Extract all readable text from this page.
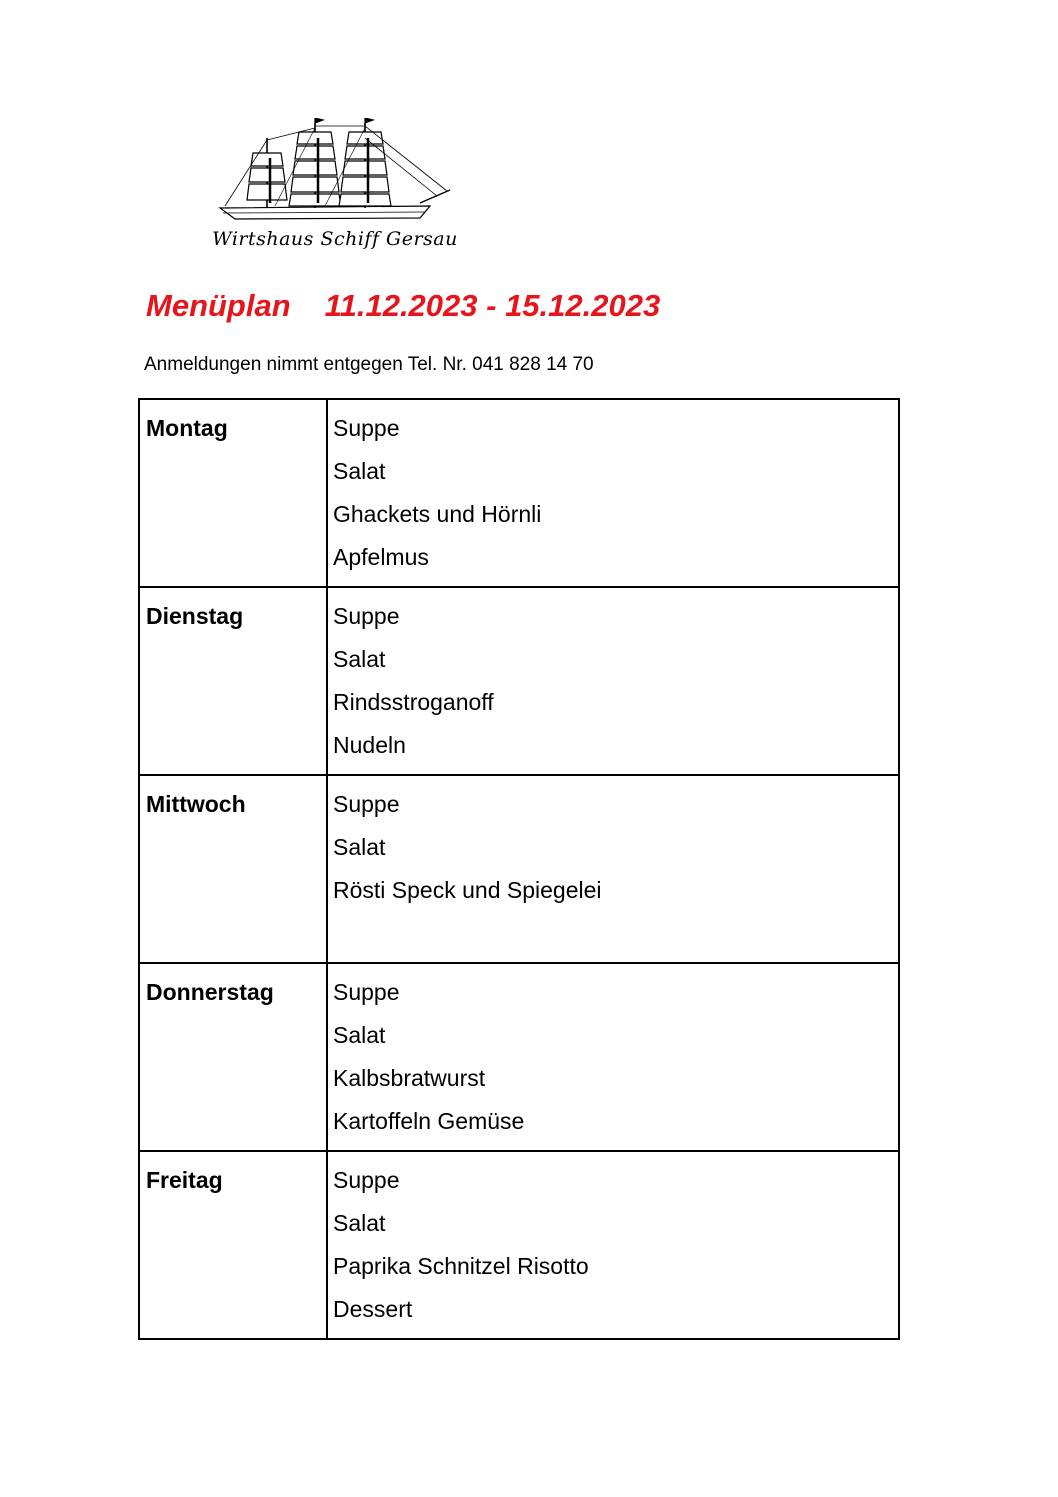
Wirtshaus Schiff Gersau
Menüplan 11.12.2023 - 15.12.2023
Anmeldungen nimmt entgegen Tel. Nr. 041 828 14 70
Montag	Suppe
Salat
Ghackets und Hörnli
Apfelmus

Dienstag	Suppe
Salat
Rindsstroganoff
Nudeln

Mittwoch	Suppe
Salat
Rösti Speck und Spiegelei

Donnerstag	Suppe
Salat
Kalbsbratwurst
Kartoffeln Gemüse

Freitag	Suppe
Salat
Paprika Schnitzel Risotto
Dessert
